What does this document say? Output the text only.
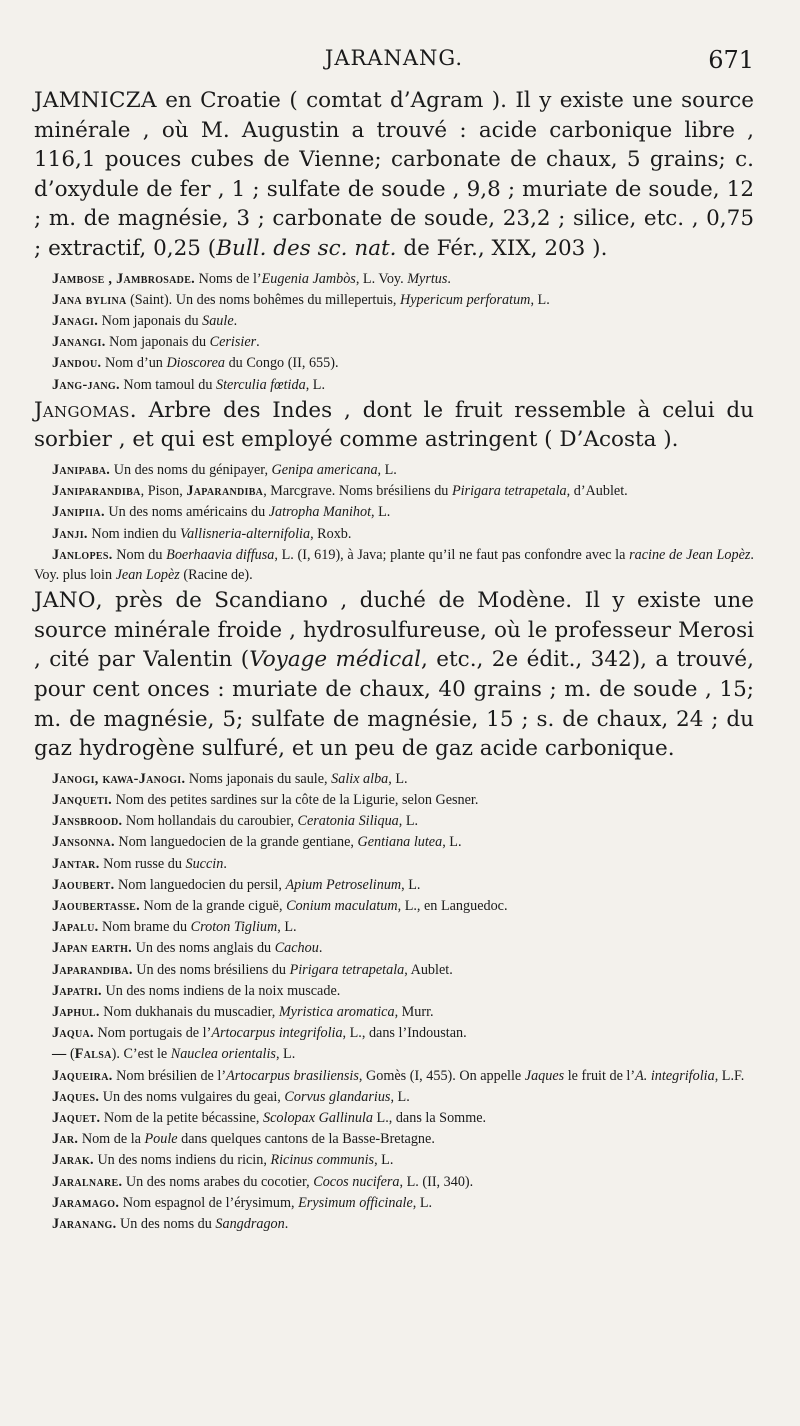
JARANANG.	671

JAMNICZA en Croatie ( comtat d’Agram ). Il y existe une source minérale , où M. Augustin a trouvé : acide carbonique libre , 116,1 pouces cubes de Vienne; carbonate de chaux, 5 grains; c. d’oxydule de fer , 1 ; sulfate de soude , 9,8 ; muriate de soude, 12 ; m. de magnésie, 3 ; carbonate de soude, 23,2 ; silice, etc. , 0,75 ; extractif, 0,25 (Bull. des sc. nat. de Fér., XIX, 203 ).

Jambose , Jambrosade. Noms de l’Eugenia Jambòs, L. Voy. Myrtus.

Jana bylina (Saint). Un des noms bohêmes du millepertuis, Hypericum perforatum, L.

Janagi. Nom japonais du Saule.

Janangi. Nom japonais du Cerisier.

Jandou. Nom d’un Dioscorea du Congo (II, 655).

Jang-jang. Nom tamoul du Sterculia fœtida, L.

Jangomas. Arbre des Indes , dont le fruit ressemble à celui du sorbier , et qui est employé comme astringent ( D’Acosta ).

Janipaba. Un des noms du génipayer, Genipa americana, L.

Janiparandiba, Pison, Japarandiba, Marcgrave. Noms brésiliens du Pirigara tetrapetala, d’Aublet.

Janipiia. Un des noms américains du Jatropha Manihot, L.

Janji. Nom indien du Vallisneria-alternifolia, Roxb.

Janlopes. Nom du Boerhaavia diffusa, L. (I, 619), à Java; plante qu’il ne faut pas confondre avec la racine de Jean Lopèz. Voy. plus loin Jean Lopèz (Racine de).

JANO, près de Scandiano , duché de Modène. Il y existe une source minérale froide , hydrosulfureuse, où le professeur Merosi , cité par Valentin (Voyage médical, etc., 2e édit., 342), a trouvé, pour cent onces : muriate de chaux, 40 grains ; m. de soude , 15; m. de magnésie, 5; sulfate de magnésie, 15 ; s. de chaux, 24 ; du gaz hydrogène sulfuré, et un peu de gaz acide carbonique.

Janogi, kawa-Janogi. Noms japonais du saule, Salix alba, L.

Janqueti. Nom des petites sardines sur la côte de la Ligurie, selon Gesner.

Jansbrood. Nom hollandais du caroubier, Ceratonia Siliqua, L.

Jansonna. Nom languedocien de la grande gentiane, Gentiana lutea, L.

Jantar. Nom russe du Succin.

Jaoubert. Nom languedocien du persil, Apium Petroselinum, L.

Jaoubertasse. Nom de la grande ciguë, Conium maculatum, L., en Languedoc.

Japalu. Nom brame du Croton Tiglium, L.

Japan earth. Un des noms anglais du Cachou.

Japarandiba. Un des noms brésiliens du Pirigara tetrapetala, Aublet.

Japatri. Un des noms indiens de la noix muscade.

Japhul. Nom dukhanais du muscadier, Myristica aromatica, Murr.

Jaqua. Nom portugais de l’Artocarpus integrifolia, L., dans l’Indoustan.

— (Falsa). C’est le Nauclea orientalis, L.

Jaqueira. Nom brésilien de l’Artocarpus brasiliensis, Gomès (I, 455). On appelle Jaques le fruit de l’A. integrifolia, L.F.

Jaques. Un des noms vulgaires du geai, Corvus glandarius, L.

Jaquet. Nom de la petite bécassine, Scolopax Gallinula L., dans la Somme.

Jar. Nom de la Poule dans quelques cantons de la Basse-Bretagne.

Jarak. Un des noms indiens du ricin, Ricinus communis, L.

Jaralnare. Un des noms arabes du cocotier, Cocos nucifera, L. (II, 340).

Jaramago. Nom espagnol de l’érysimum, Erysimum officinale, L.

Jaranang. Un des noms du Sangdragon.
